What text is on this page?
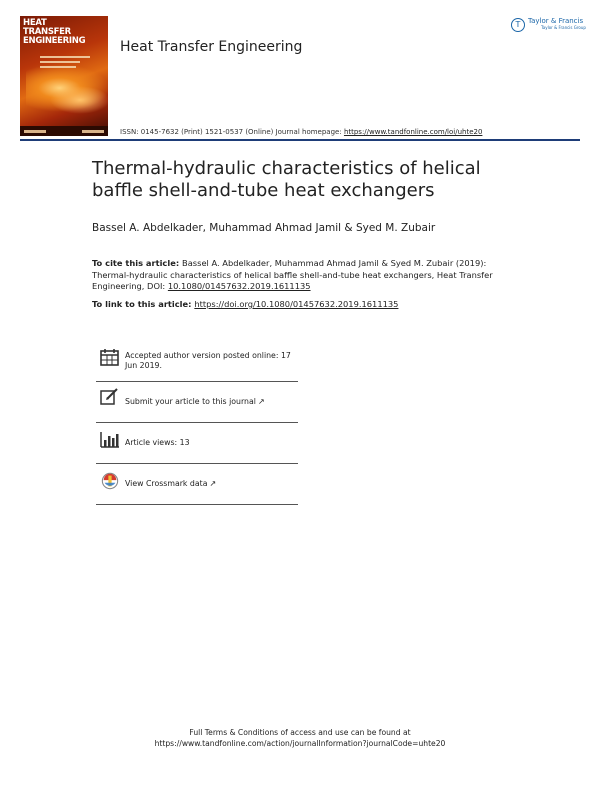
HEAT
TRANSFER
ENGINEERING	Heat Transfer Engineering
T	Taylor & Francis
Taylor & Francis Group
ISSN: 0145-7632 (Print) 1521-0537 (Online) Journal homepage: https://www.tandfonline.com/loi/uhte20
Thermal-hydraulic characteristics of helical baffle shell-and-tube heat exchangers
Bassel A. Abdelkader, Muhammad Ahmad Jamil & Syed M. Zubair
To cite this article: Bassel A. Abdelkader, Muhammad Ahmad Jamil & Syed M. Zubair (2019): Thermal-hydraulic characteristics of helical baffle shell-and-tube heat exchangers, Heat Transfer Engineering, DOI: 10.1080/01457632.2019.1611135
To link to this article: https://doi.org/10.1080/01457632.2019.1611135
Accepted author version posted online: 17 Jun 2019.
Submit your article to this journal ↗
Article views: 13
View Crossmark data ↗
Full Terms & Conditions of access and use can be found at
https://www.tandfonline.com/action/journalInformation?journalCode=uhte20
